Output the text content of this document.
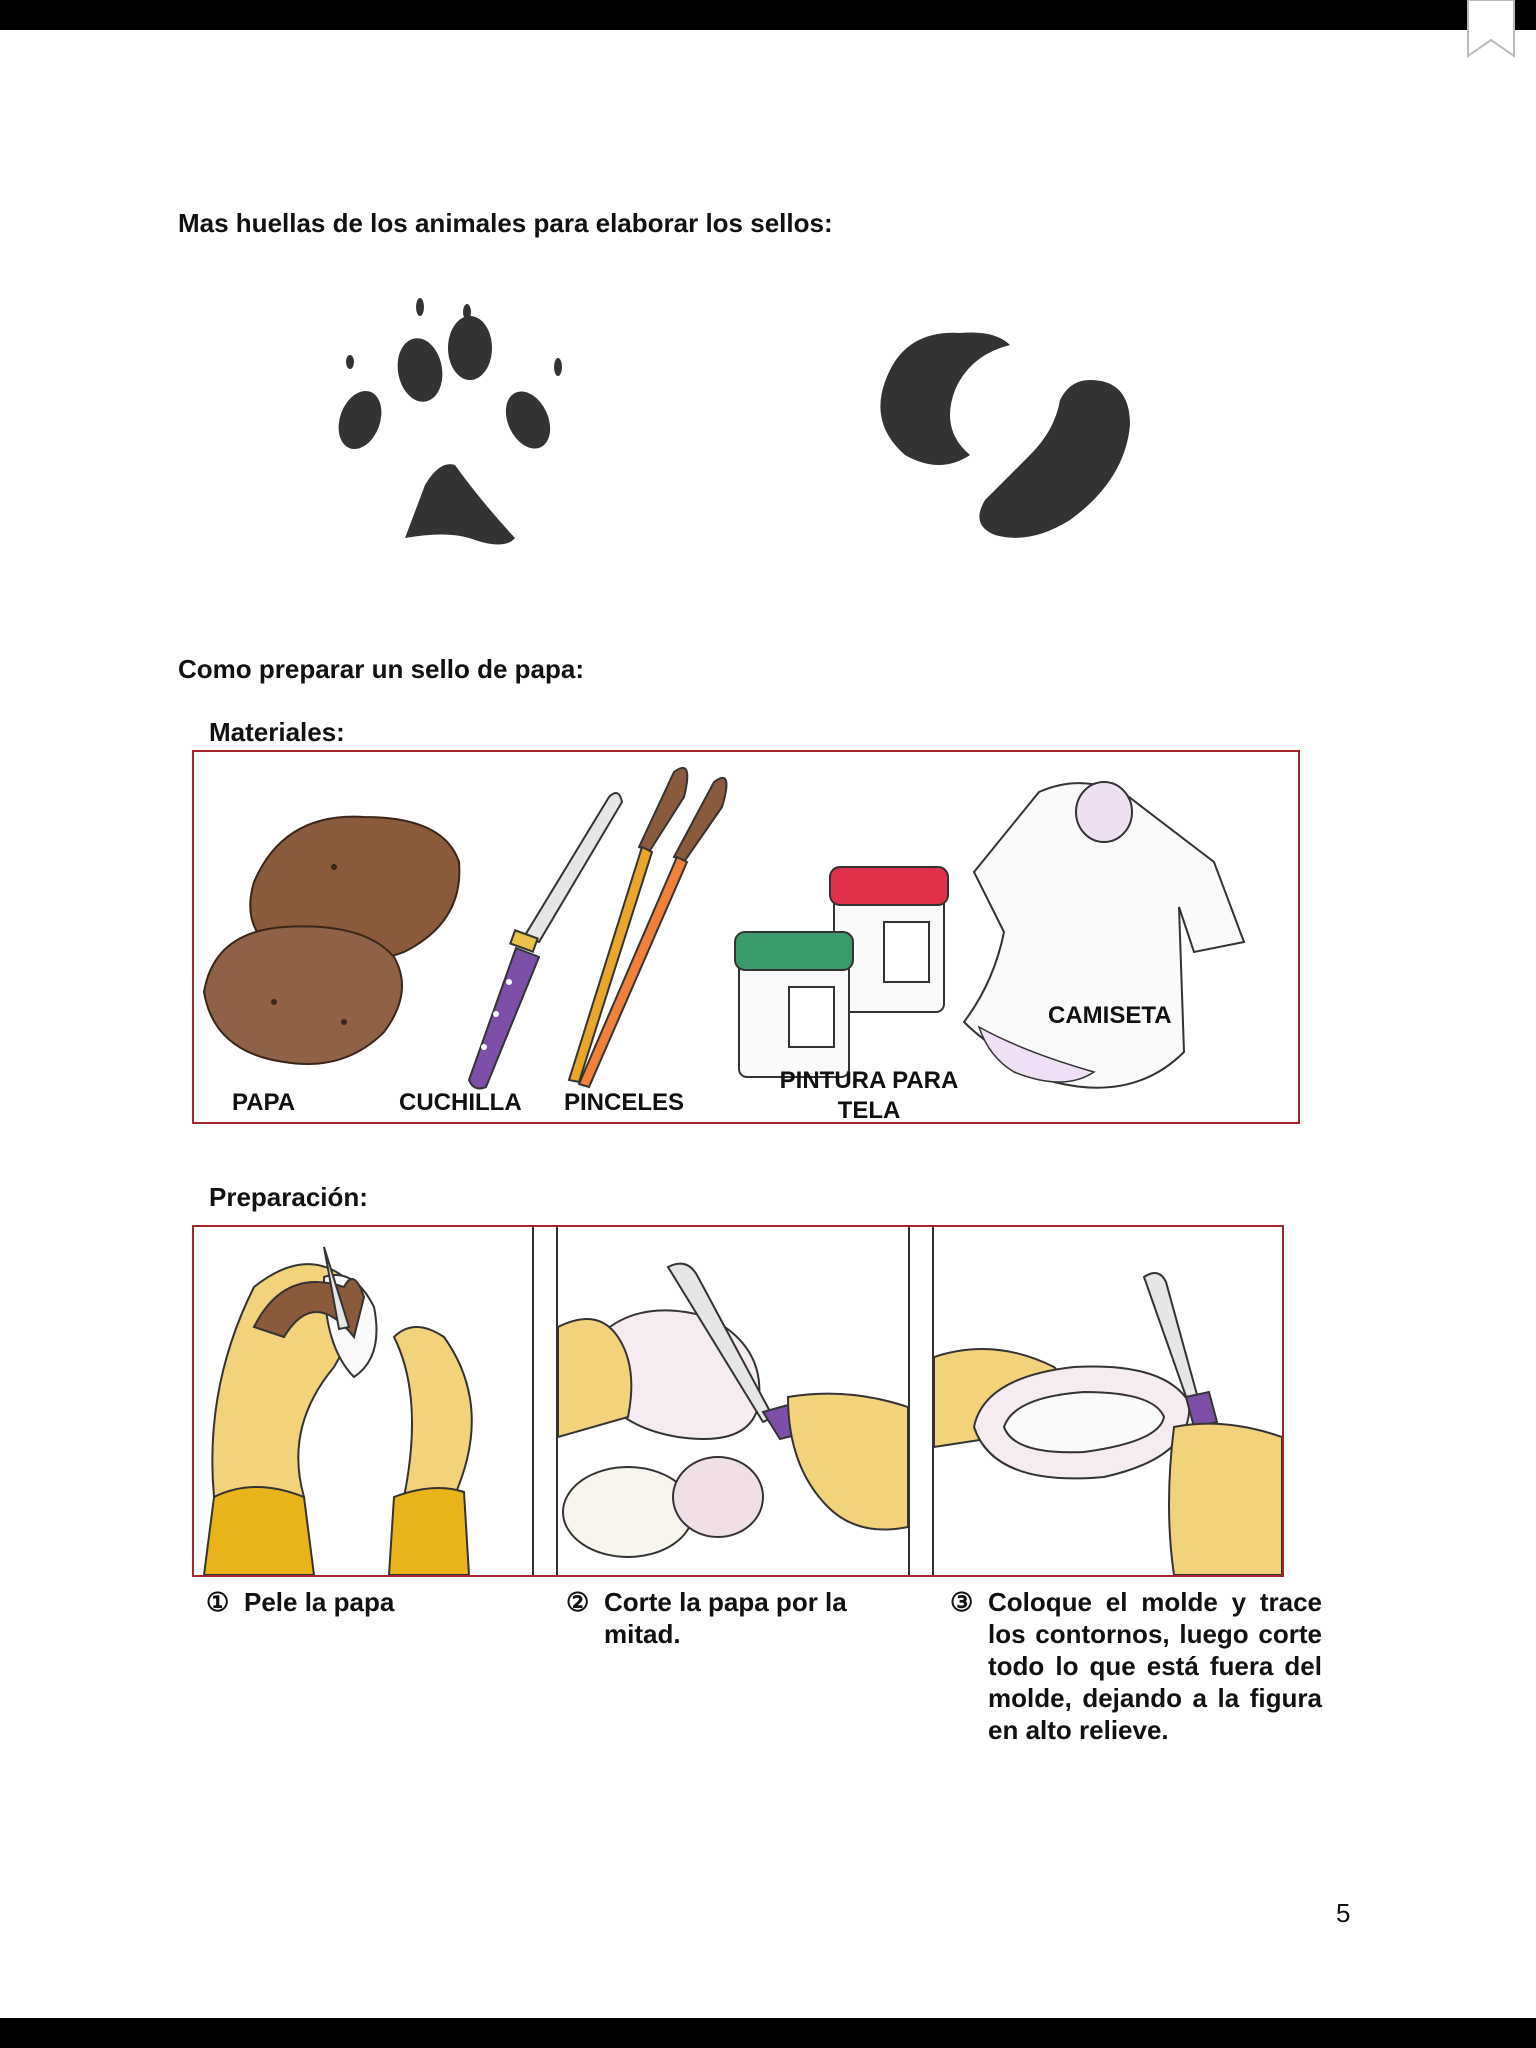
Mas huellas de los animales para elaborar los sellos:
Como preparar un sello de papa:
Materiales:
PAPA	CUCHILLA PINCELES
PINTURA PARA
TELA
CAMISETA
Preparación:
① Pele la papa	② Corte la papa por la mitad.
③ Coloque el molde y trace los contornos, luego corte todo lo que está fuera del molde, dejando a la figura en alto relieve.
5
